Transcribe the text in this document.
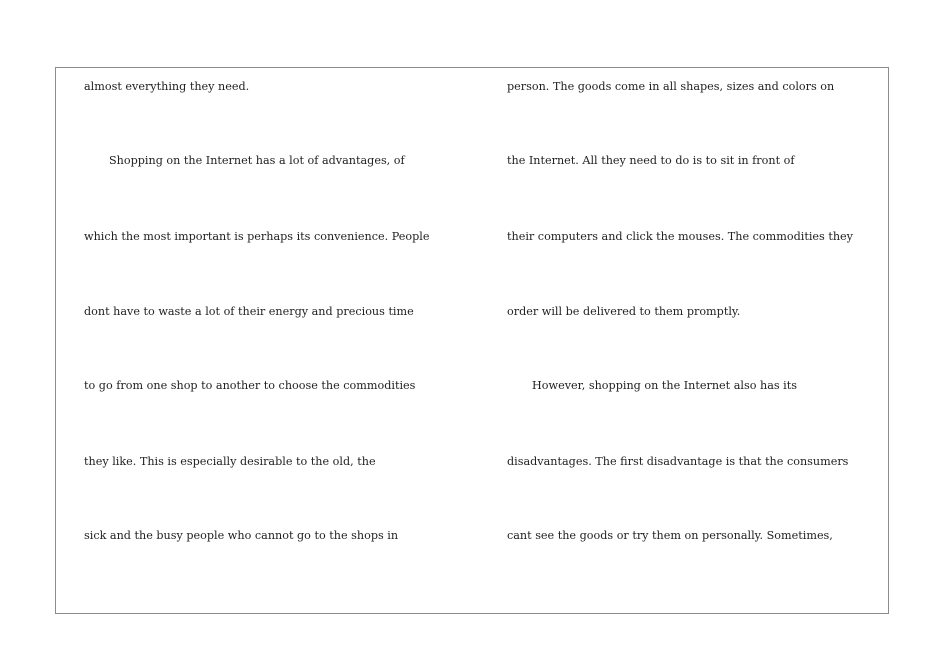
almost everything they need.
Shopping on the Internet has a lot of advantages, of
which the most important is perhaps its convenience. People
dont have to waste a lot of their energy and precious time
to go from one shop to another to choose the commodities
they like. This is especially desirable to the old, the
sick and the busy people who cannot go to the shops in
person. The goods come in all shapes, sizes and colors on
the Internet. All they need to do is to sit in front of
their computers and click the mouses. The commodities they
order will be delivered to them promptly.
However, shopping on the Internet also has its
disadvantages. The first disadvantage is that the consumers
cant see the goods or try them on personally. Sometimes,
